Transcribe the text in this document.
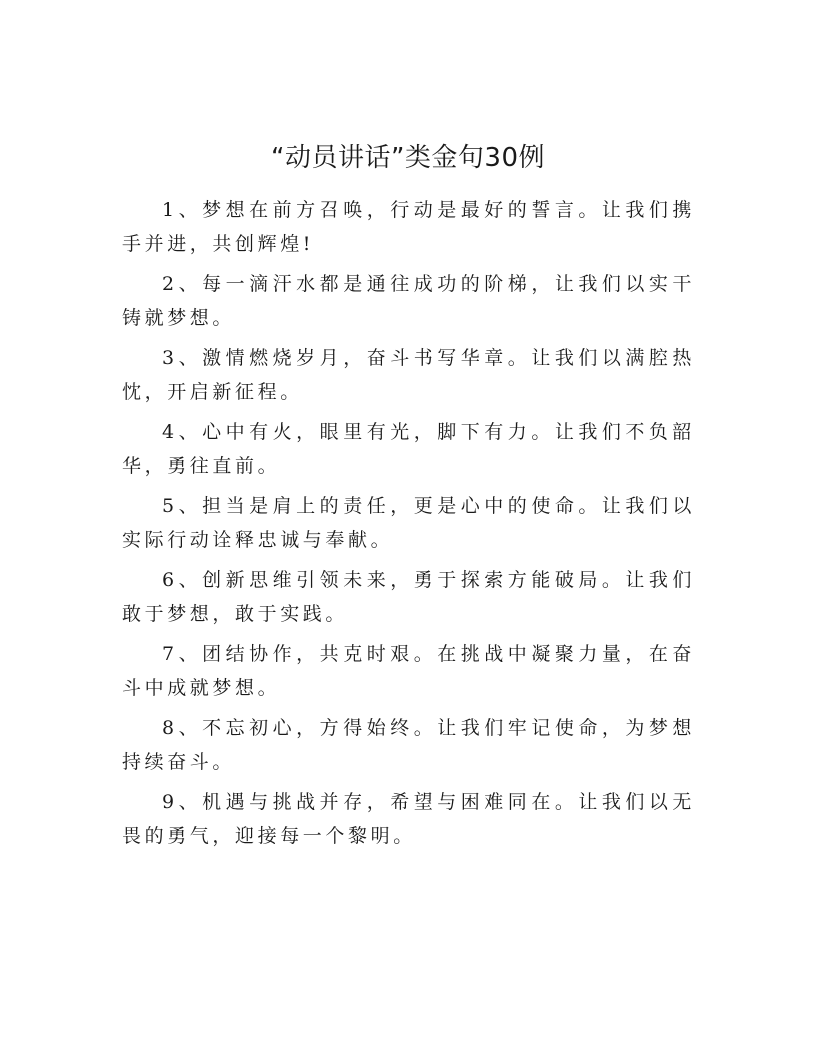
“动员讲话”类金句30例

1、梦想在前方召唤，行动是最好的誓言。让我们携手并进，共创辉煌!

2、每一滴汗水都是通往成功的阶梯，让我们以实干铸就梦想。

3、激情燃烧岁月，奋斗书写华章。让我们以满腔热忱，开启新征程。

4、心中有火，眼里有光，脚下有力。让我们不负韶华，勇往直前。

5、担当是肩上的责任，更是心中的使命。让我们以实际行动诠释忠诚与奉献。

6、创新思维引领未来，勇于探索方能破局。让我们敢于梦想，敢于实践。

7、团结协作，共克时艰。在挑战中凝聚力量，在奋斗中成就梦想。

8、不忘初心，方得始终。让我们牢记使命，为梦想持续奋斗。

9、机遇与挑战并存，希望与困难同在。让我们以无畏的勇气，迎接每一个黎明。
